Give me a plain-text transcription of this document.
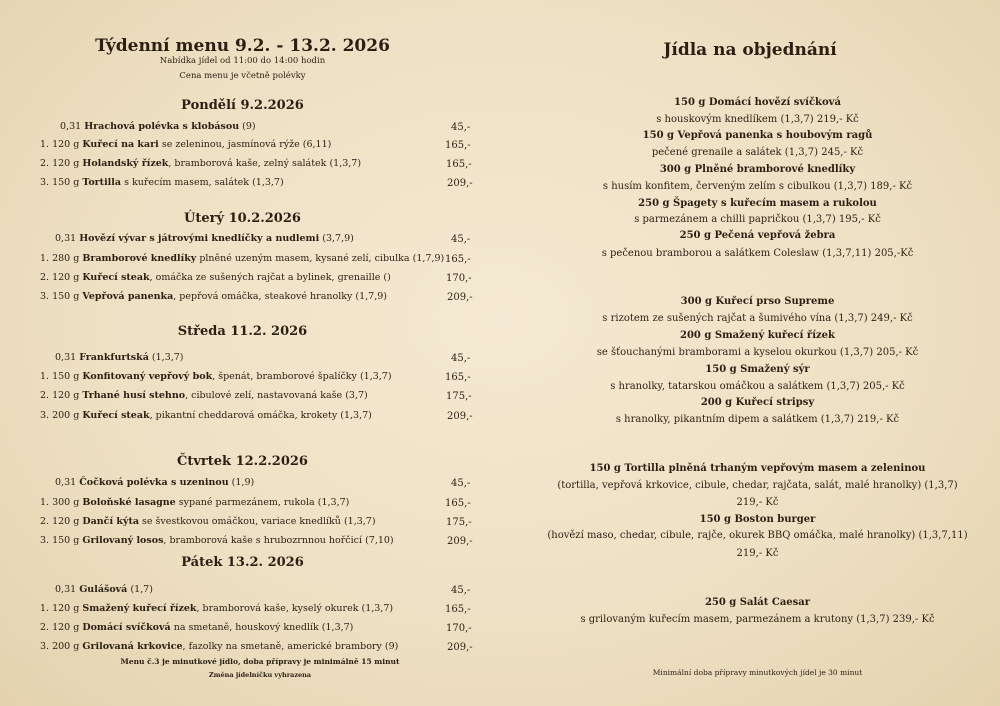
Týdenní menu 9.2. - 13.2. 2026
Nabídka jídel od 11:00 do 14:00 hodin
Cena menu je včetně polévky
Pondělí 9.2.2026
0,31 Hrachová polévka s klobásou (9)	45,-
1. 120 g Kuřecí na kari se zeleninou, jasmínová rýže (6,11)	165,-
2. 120 g Holandský řízek, bramborová kaše, zelný salátek (1,3,7)	165,-
3. 150 g Tortilla s kuřecím masem, salátek (1,3,7)	209,-
Úterý 10.2.2026
0,31 Hovězí vývar s játrovými knedlíčky a nudlemi (3,7,9)	45,-
1. 280 g Bramborové knedlíky plněné uzeným masem, kysané zelí, cibulka (1,7,9) 165,-
2. 120 g Kuřecí steak, omáčka ze sušených rajčat a bylinek, grenaille ()	170,-
3. 150 g Vepřová panenka, pepřová omáčka, steakové hranolky (1,7,9)	209,-
Středa 11.2. 2026
0,31 Frankfurtská (1,3,7)	45,-
1. 150 g Konfitovaný vepřový bok, špenát, bramborové špalíčky (1,3,7)	165,-
2. 120 g Trhané husí stehno, cibulové zelí, nastavovaná kaše (3,7)	175,-
3. 200 g Kuřecí steak, pikantní cheddarová omáčka, krokety (1,3,7)	209,-
Čtvrtek 12.2.2026
0,31 Čočková polévka s uzeninou (1,9)	45,-
1. 300 g Boloňské lasagne sypané parmezánem, rukola (1,3,7)	165,-
2. 120 g Dančí kýta se švestkovou omáčkou, variace knedlíků (1,3,7)	175,-
3. 150 g Grilovaný losos, bramborová kaše s hrubozrnnou hořčicí (7,10)	209,-
Pátek 13.2. 2026
0,31 Gulášová (1,7)	45,-
1. 120 g Smažený kuřecí řízek, bramborová kaše, kyselý okurek (1,3,7)	165,-
2. 120 g Domácí svíčková na smetaně, houskový knedlík (1,3,7)	170,-
3. 200 g Grilovaná krkovice, fazolky na smetaně, americké brambory (9)	209,-
Menu č.3 je minutkové jídlo, doba přípravy je minimálně 15 minut
Změna jídelníčku vyhrazena
Jídla na objednání
150 g Domácí hovězí svíčková
s houskovým knedlíkem (1,3,7) 219,- Kč
150 g Vepřová panenka s houbovým ragů
pečené grenaile a salátek (1,3,7) 245,- Kč
300 g Plněné bramborové knedlíky
s husím konfitem, červeným zelím s cibulkou (1,3,7) 189,- Kč
250 g Špagety s kuřecím masem a rukolou
s parmezánem a chilli papričkou (1,3,7) 195,- Kč
250 g Pečená vepřová žebra
s pečenou bramborou a salátkem Coleslaw (1,3,7,11) 205,-Kč
300 g Kuřecí prso Supreme
s rizotem ze sušených rajčat a šumivého vína (1,3,7) 249,- Kč
200 g Smažený kuřecí řízek
se šťouchanými bramborami a kyselou okurkou (1,3,7) 205,- Kč
150 g Smažený sýr
s hranolky, tatarskou omáčkou a salátkem (1,3,7) 205,- Kč
200 g Kuřecí stripsy
s hranolky, pikantním dipem a salátkem (1,3,7) 219,- Kč
150 g Tortilla plněná trhaným vepřovým masem a zeleninou
(tortilla, vepřová krkovice, cibule, chedar, rajčata, salát, malé hranolky) (1,3,7)
219,- Kč
150 g Boston burger
(hovězí maso, chedar, cibule, rajče, okurek BBQ omáčka, malé hranolky) (1,3,7,11)
219,- Kč
250 g Salát Caesar
s grilovaným kuřecím masem, parmezánem a krutony (1,3,7) 239,- Kč
Minimální doba přípravy minutkových jídel je 30 minut
